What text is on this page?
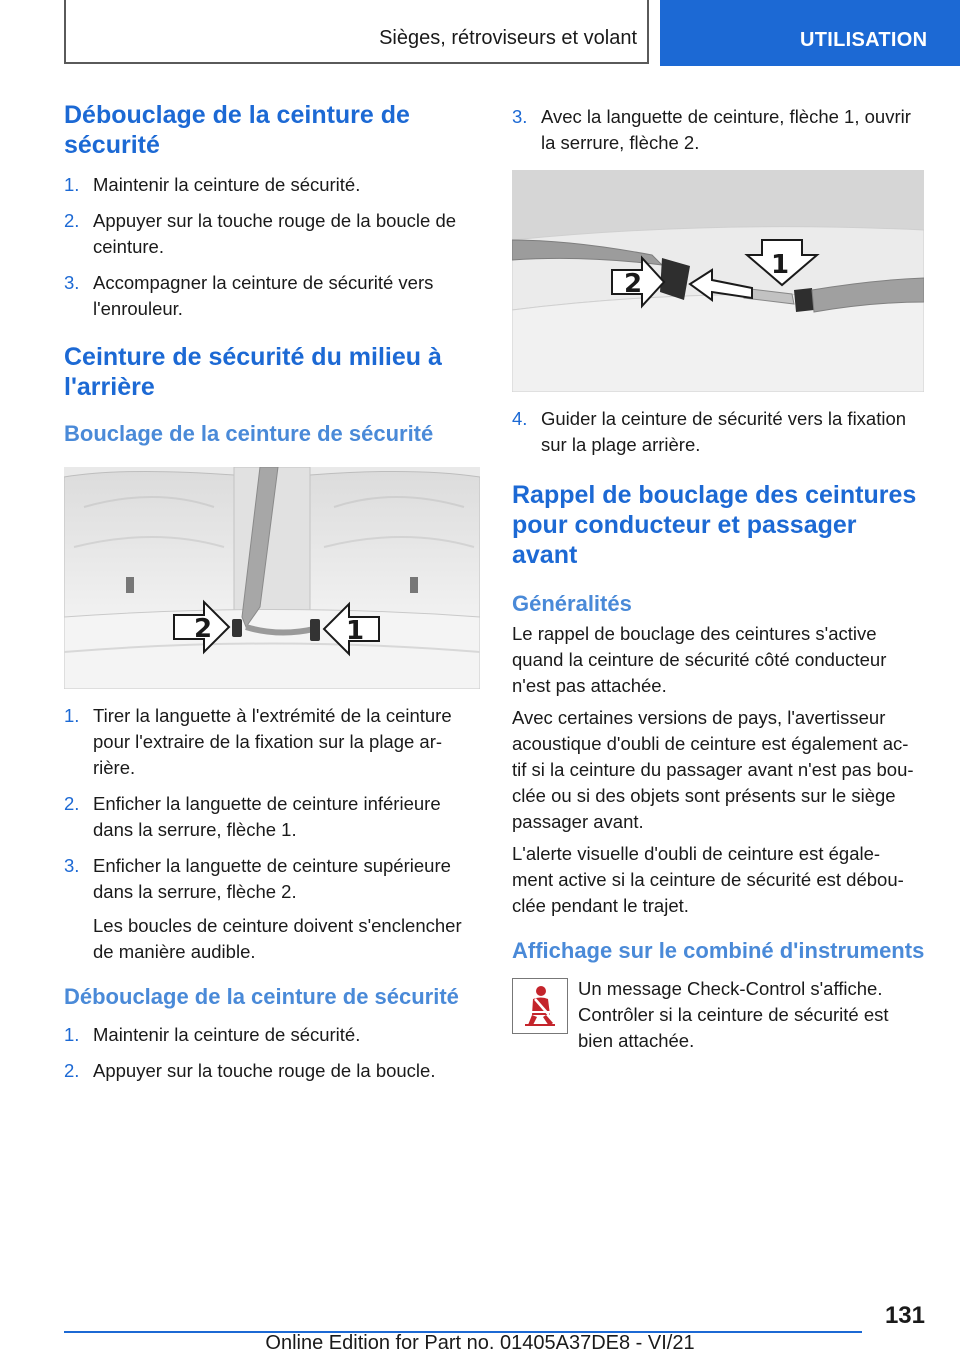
Sièges, rétroviseurs et volant	UTILISATION
Débouclage de la ceinture de sécurité
1. Maintenir la ceinture de sécurité.
2. Appuyer sur la touche rouge de la boucle de ceinture.
3. Accompagner la ceinture de sécurité vers l'enrouleur.
Ceinture de sécurité du milieu à l'arrière
Bouclage de la ceinture de sécurité
2	1
1. Tirer la languette à l'extrémité de la ceinture pour l'extraire de la fixation sur la plage ar‐ rière.
2. Enficher la languette de ceinture inférieure dans la serrure, flèche 1.
3. Enficher la languette de ceinture supérieure dans la serrure, flèche 2.
Les boucles de ceinture doivent s'enclencher de manière audible.
Débouclage de la ceinture de sécurité
1. Maintenir la ceinture de sécurité.
2. Appuyer sur la touche rouge de la boucle.
3. Avec la languette de ceinture, flèche 1, ouvrir la serrure, flèche 2.
1
2
4. Guider la ceinture de sécurité vers la fixation sur la plage arrière.
Rappel de bouclage des ceintures pour conducteur et passager avant
Généralités

Le rappel de bouclage des ceintures s'active quand la ceinture de sécurité côté conducteur n'est pas attachée.

Avec certaines versions de pays, l'avertisseur acoustique d'oubli de ceinture est également ac‐ tif si la ceinture du passager avant n'est pas bou‐ clée ou si des objets sont présents sur le siège passager avant.

L'alerte visuelle d'oubli de ceinture est égale‐ ment active si la ceinture de sécurité est débou‐ clée pendant le trajet.

Affichage sur le combiné d'instruments

Un message Check-Control s'affiche. Contrôler si la ceinture de sécurité est bien attachée.

131
Online Edition for Part no. 01405A37DE8 - VI/21
